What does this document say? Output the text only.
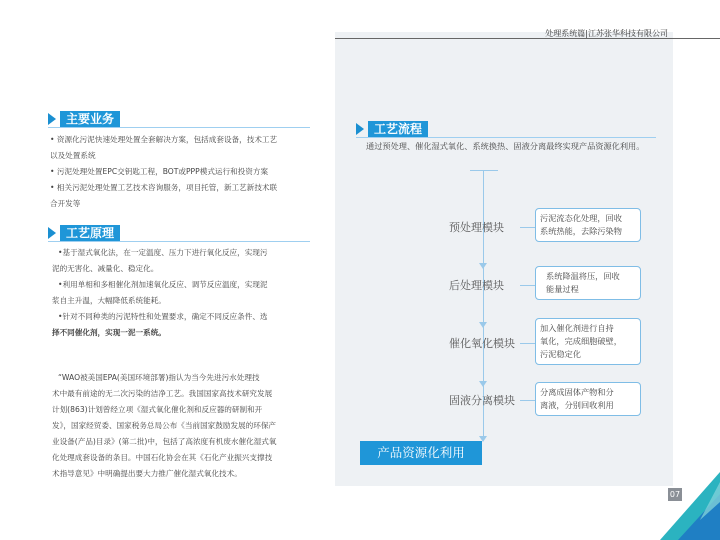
主要业务

• 资源化污泥快速处理处置全套解决方案，包括成套设备，技术工艺

以及处置系统

• 污泥处理处置EPC交钥匙工程，BOT或PPP模式运行和投资方案

• 相关污泥处理处置工艺技术咨询服务，项目托管，新工艺新技术联

合开发等

工艺原理

•基于湿式氧化法，在一定温度、压力下进行氧化反应，实现污

泥的无害化、减量化、稳定化。

•利用单相和多相催化剂加速氧化反应、调节反应温度，实现泥

浆自主升温，大幅降低系统能耗。

•针对不同种类的污泥特性和处置要求，确定不同反应条件、选

择不同催化剂，实现一泥一系统。

“WAO被美国EPA(美国环境部署)指认为当今先进污水处理技

术中最有前途的无二次污染的洁净工艺。我国国家高技术研究发展

计划(863)计划曾经立项《湿式氧化催化剂和反应器的研制和开

发》，国家经贸委、国家税务总局公布《当前国家鼓励发展的环保产

业设备(产品)目录》(第二批)中，包括了高浓度有机废水催化湿式氧

化处理成套设备的条目。中国石化协会在其《石化产业振兴支撑技

术指导意见》中明确提出要大力推广催化湿式氧化技术。

处理系统篇|江苏张华科技有限公司
工艺流程
通过预处理、催化湿式氧化、系统换热、固液分离最终实现产品资源化利用。
预处理模块
污泥流态化处理，回收
系统热能，去除污染物
后处理模块
系统降温将压，回收
能量过程
催化氧化模块
加入催化剂进行自持
氧化，完成细胞破壁，
污泥稳定化
固液分离模块
分离成固体产物和分
离液，分别回收利用
产品资源化利用
07
